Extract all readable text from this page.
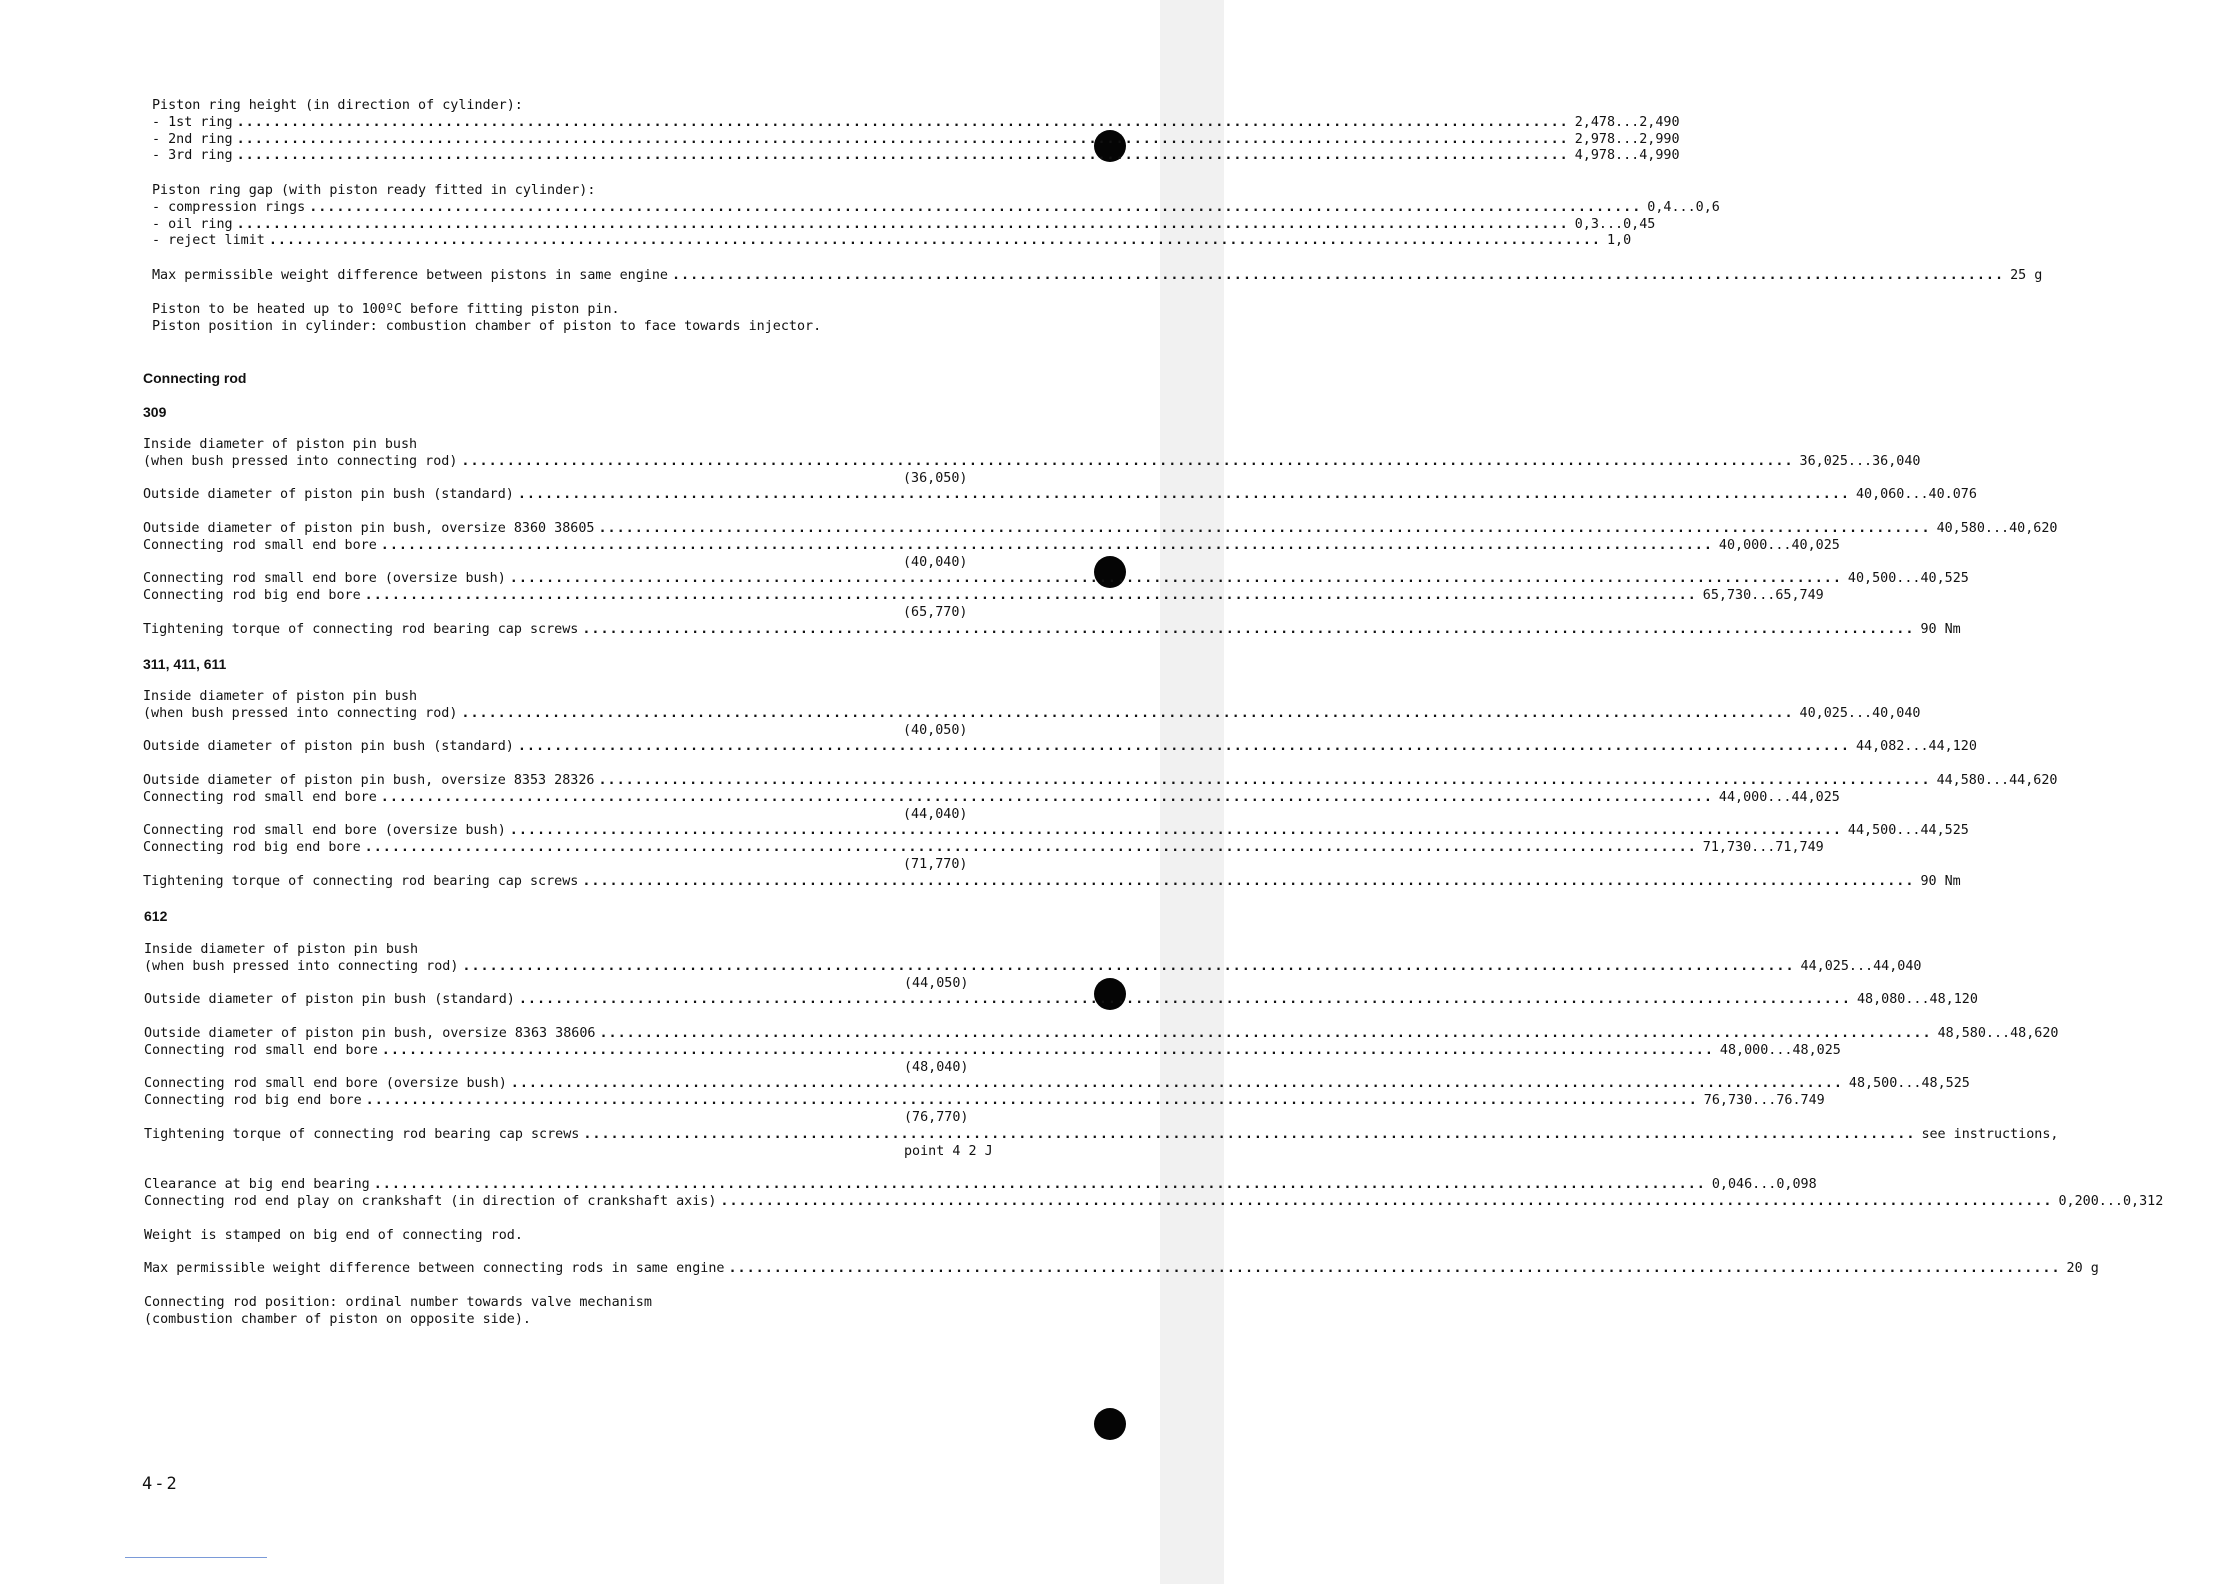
Piston ring height (in direction of cylinder):
- 1st ring ................................................................................................................................................... 2,478...2,490
- 2nd ring ................................................................................................................................................... 2,978...2,990
- 3rd ring ................................................................................................................................................... 4,978...4,990
Piston ring gap (with piston ready fitted in cylinder):
- compression rings ................................................................................................................................................... 0,4...0,6
- oil ring ................................................................................................................................................... 0,3...0,45
- reject limit ................................................................................................................................................... 1,0
Max permissible weight difference between pistons in same engine ................................................................................................................................................... 25 g
Piston to be heated up to 100ºC before fitting piston pin.
Piston position in cylinder: combustion chamber of piston to face towards injector.
Connecting rod
309
Inside diameter of piston pin bush
(when bush pressed into connecting rod) ................................................................................................................................................... 36,025...36,040
(36,050)
Outside diameter of piston pin bush (standard) ................................................................................................................................................... 40,060...40.076
Outside diameter of piston pin bush, oversize 8360 38605 ................................................................................................................................................... 40,580...40,620
Connecting rod small end bore ................................................................................................................................................... 40,000...40,025
(40,040)
Connecting rod small end bore (oversize bush) ................................................................................................................................................... 40,500...40,525
Connecting rod big end bore ................................................................................................................................................... 65,730...65,749
(65,770)
Tightening torque of connecting rod bearing cap screws ................................................................................................................................................... 90 Nm
311, 411, 611
Inside diameter of piston pin bush
(when bush pressed into connecting rod) ................................................................................................................................................... 40,025...40,040
(40,050)
Outside diameter of piston pin bush (standard) ................................................................................................................................................... 44,082...44,120
Outside diameter of piston pin bush, oversize 8353 28326 ................................................................................................................................................... 44,580...44,620
Connecting rod small end bore ................................................................................................................................................... 44,000...44,025
(44,040)
Connecting rod small end bore (oversize bush) ................................................................................................................................................... 44,500...44,525
Connecting rod big end bore ................................................................................................................................................... 71,730...71,749
(71,770)
Tightening torque of connecting rod bearing cap screws ................................................................................................................................................... 90 Nm
612
Inside diameter of piston pin bush
(when bush pressed into connecting rod) ................................................................................................................................................... 44,025...44,040
(44,050)
Outside diameter of piston pin bush (standard) ................................................................................................................................................... 48,080...48,120
Outside diameter of piston pin bush, oversize 8363 38606 ................................................................................................................................................... 48,580...48,620
Connecting rod small end bore ................................................................................................................................................... 48,000...48,025
(48,040)
Connecting rod small end bore (oversize bush) ................................................................................................................................................... 48,500...48,525
Connecting rod big end bore ................................................................................................................................................... 76,730...76.749
(76,770)
Tightening torque of connecting rod bearing cap screws ................................................................................................................................................... see instructions,
point 4 2 J
Clearance at big end bearing ................................................................................................................................................... 0,046...0,098
Connecting rod end play on crankshaft (in direction of crankshaft axis) ................................................................................................................................................... 0,200...0,312
Weight is stamped on big end of connecting rod.
Max permissible weight difference between connecting rods in same engine ................................................................................................................................................... 20 g
Connecting rod position: ordinal number towards valve mechanism
(combustion chamber of piston on opposite side).
4-2
